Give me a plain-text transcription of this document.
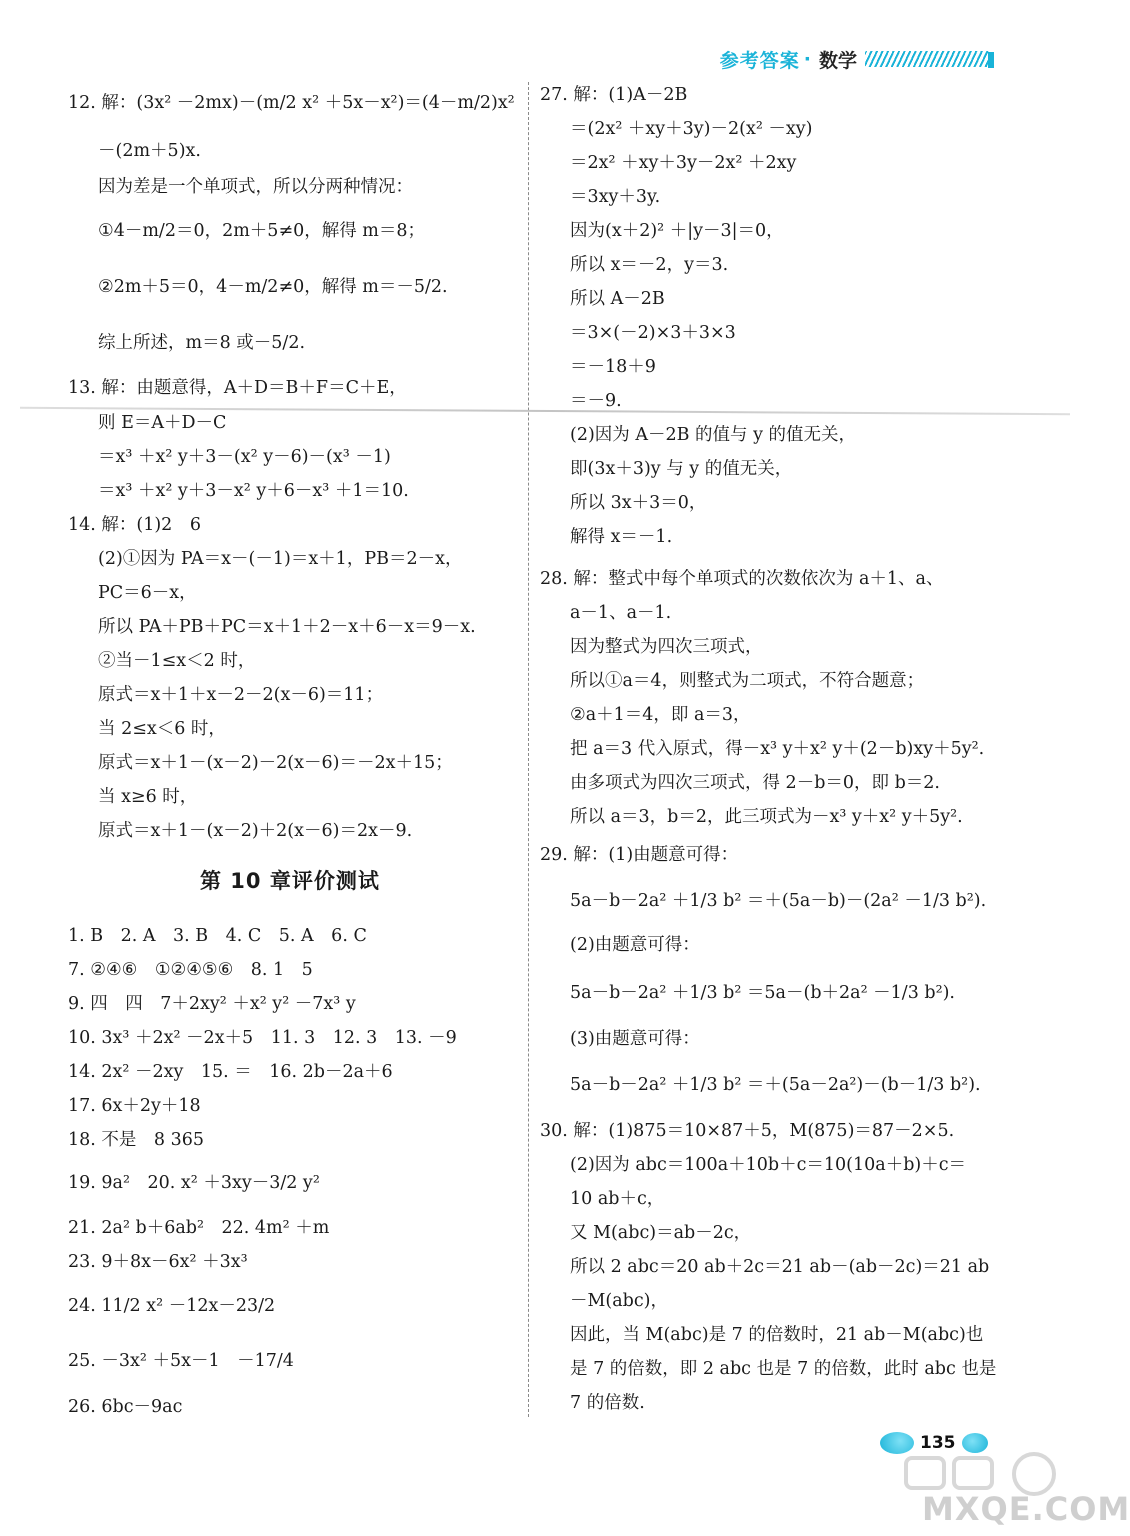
参考答案 · 数学
12. 解：(3x² －2mx)－(m/2 x² ＋5x－x²)＝(4－m/2)x²
－(2m＋5)x.
因为差是一个单项式，所以分两种情况：
①4－m/2＝0，2m＋5≠0，解得 m＝8；
②2m＋5＝0，4－m/2≠0，解得 m＝－5/2.
综上所述，m＝8 或－5/2.
13. 解：由题意得，A＋D＝B＋F＝C＋E，
则 E＝A＋D－C
＝x³ ＋x² y＋3－(x² y－6)－(x³ －1)
＝x³ ＋x² y＋3－x² y＋6－x³ ＋1＝10.
14. 解：(1)2　6
(2)①因为 PA＝x－(－1)＝x＋1，PB＝2－x，
PC＝6－x，
所以 PA＋PB＋PC＝x＋1＋2－x＋6－x＝9－x.
②当－1≤x＜2 时，
原式＝x＋1＋x－2－2(x－6)＝11；
当 2≤x＜6 时，
原式＝x＋1－(x－2)－2(x－6)＝－2x＋15；
当 x≥6 时，
原式＝x＋1－(x－2)＋2(x－6)＝2x－9.
第 10 章评价测试
1. B　2. A　3. B　4. C　5. A　6. C
7. ②④⑥　①②④⑤⑥　8. 1　5
9. 四　四　7＋2xy² ＋x² y² －7x³ y
10. 3x³ ＋2x² －2x＋5　11. 3　12. 3　13. －9
14. 2x² －2xy　15. ＝　16. 2b－2a＋6
17. 6x＋2y＋18
18. 不是　8 365
19. 9a²　20. x² ＋3xy－3/2 y²
21. 2a² b＋6ab²　22. 4m² ＋m
23. 9＋8x－6x² ＋3x³
24. 11/2 x² －12x－23/2
25. －3x² ＋5x－1　－17/4
26. 6bc－9ac
27. 解：(1)A－2B
＝(2x² ＋xy＋3y)－2(x² －xy)
＝2x² ＋xy＋3y－2x² ＋2xy
＝3xy＋3y.
因为(x＋2)² ＋|y－3|＝0，
所以 x＝－2，y＝3.
所以 A－2B
＝3×(－2)×3＋3×3
＝－18＋9
＝－9.
(2)因为 A－2B 的值与 y 的值无关，
即(3x＋3)y 与 y 的值无关，
所以 3x＋3＝0，
解得 x＝－1.
28. 解：整式中每个单项式的次数依次为 a＋1、a、
a－1、a－1.
因为整式为四次三项式，
所以①a＝4，则整式为二项式，不符合题意；
②a＋1＝4，即 a＝3，
把 a＝3 代入原式，得－x³ y＋x² y＋(2－b)xy＋5y².
由多项式为四次三项式，得 2－b＝0，即 b＝2.
所以 a＝3，b＝2，此三项式为－x³ y＋x² y＋5y².
29. 解：(1)由题意可得：
5a－b－2a² ＋1/3 b² ＝＋(5a－b)－(2a² －1/3 b²).
(2)由题意可得：
5a－b－2a² ＋1/3 b² ＝5a－(b＋2a² －1/3 b²).
(3)由题意可得：
5a－b－2a² ＋1/3 b² ＝＋(5a－2a²)－(b－1/3 b²).
30. 解：(1)875＝10×87＋5，M(875)＝87－2×5.
(2)因为 abc＝100a＋10b＋c＝10(10a＋b)＋c＝
10 ab＋c，
又 M(abc)＝ab－2c，
所以 2 abc＝20 ab＋2c＝21 ab－(ab－2c)＝21 ab
－M(abc)，
因此，当 M(abc)是 7 的倍数时，21 ab－M(abc)也
是 7 的倍数，即 2 abc 也是 7 的倍数，此时 abc 也是
7 的倍数.
135
MXQE.COM
